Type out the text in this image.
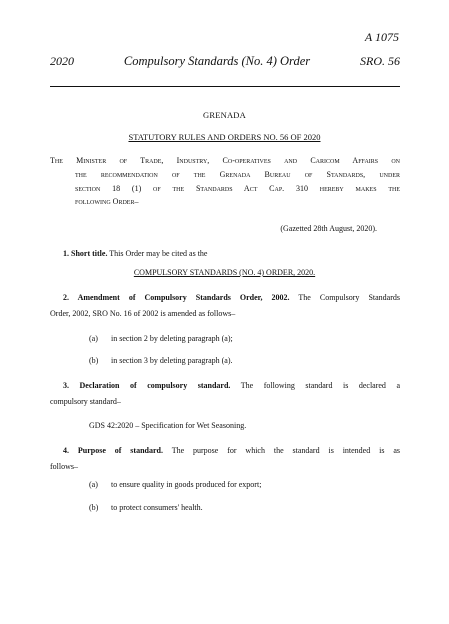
A 1075
2020	Compulsory Standards (No. 4) Order	SRO. 56
GRENADA
STATUTORY RULES AND ORDERS NO. 56 OF 2020
The Minister of Trade, Industry, Co-operatives and Caricom Affairs on
the recommendation of the Grenada Bureau of Standards, under
section 18 (1) of the Standards Act Cap. 310 hereby makes the
following Order–
(Gazetted 28th August, 2020).
1. Short title. This Order may be cited as the
COMPULSORY STANDARDS (NO. 4) ORDER, 2020.
2. Amendment of Compulsory Standards Order, 2002. The Compulsory Standards
Order, 2002, SRO No. 16 of 2002 is amended as follows–
(a) in section 2 by deleting paragraph (a);
(b) in section 3 by deleting paragraph (a).
3. Declaration of compulsory standard. The following standard is declared a
compulsory standard–
GDS 42:2020 – Specification for Wet Seasoning.
4. Purpose of standard. The purpose for which the standard is intended is as
follows–
(a) to ensure quality in goods produced for export;
(b) to protect consumers' health.
